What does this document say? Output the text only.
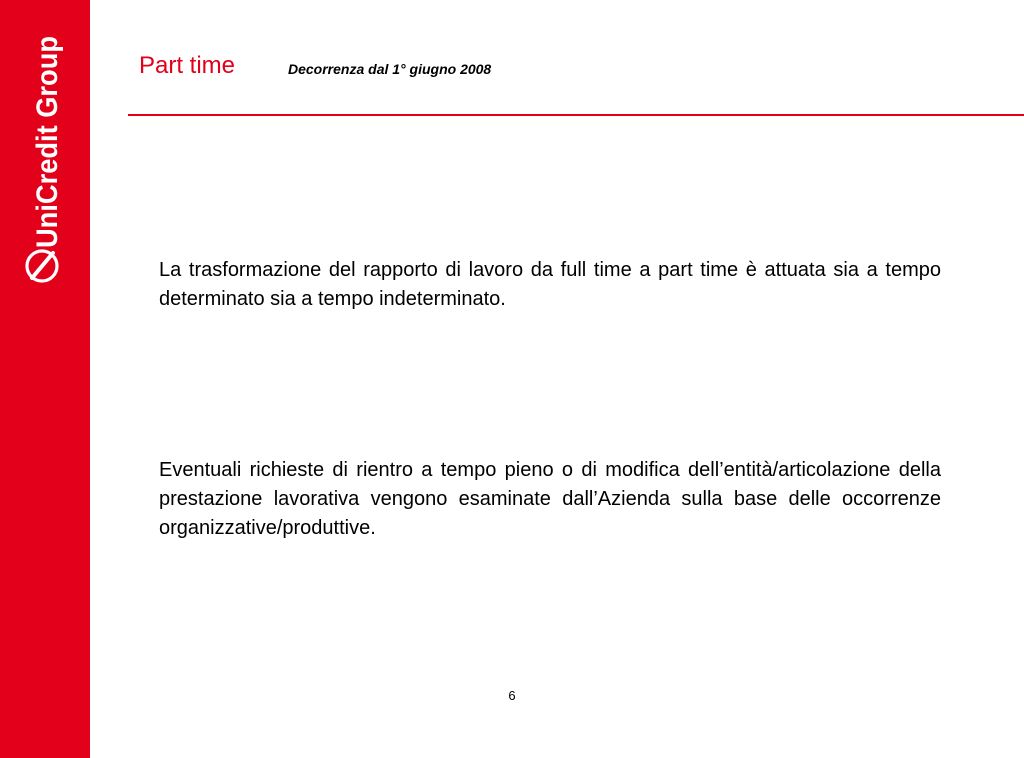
UniCredit Group	Part time	Decorrenza dal 1° giugno 2008
La trasformazione del rapporto di lavoro da full time a part time è attuata sia a tempo determinato sia a tempo indeterminato.
Eventuali richieste di rientro a tempo pieno o di modifica dell’entità/articolazione della prestazione lavorativa vengono esaminate dall’Azienda sulla base delle occorrenze organizzative/produttive.
6
